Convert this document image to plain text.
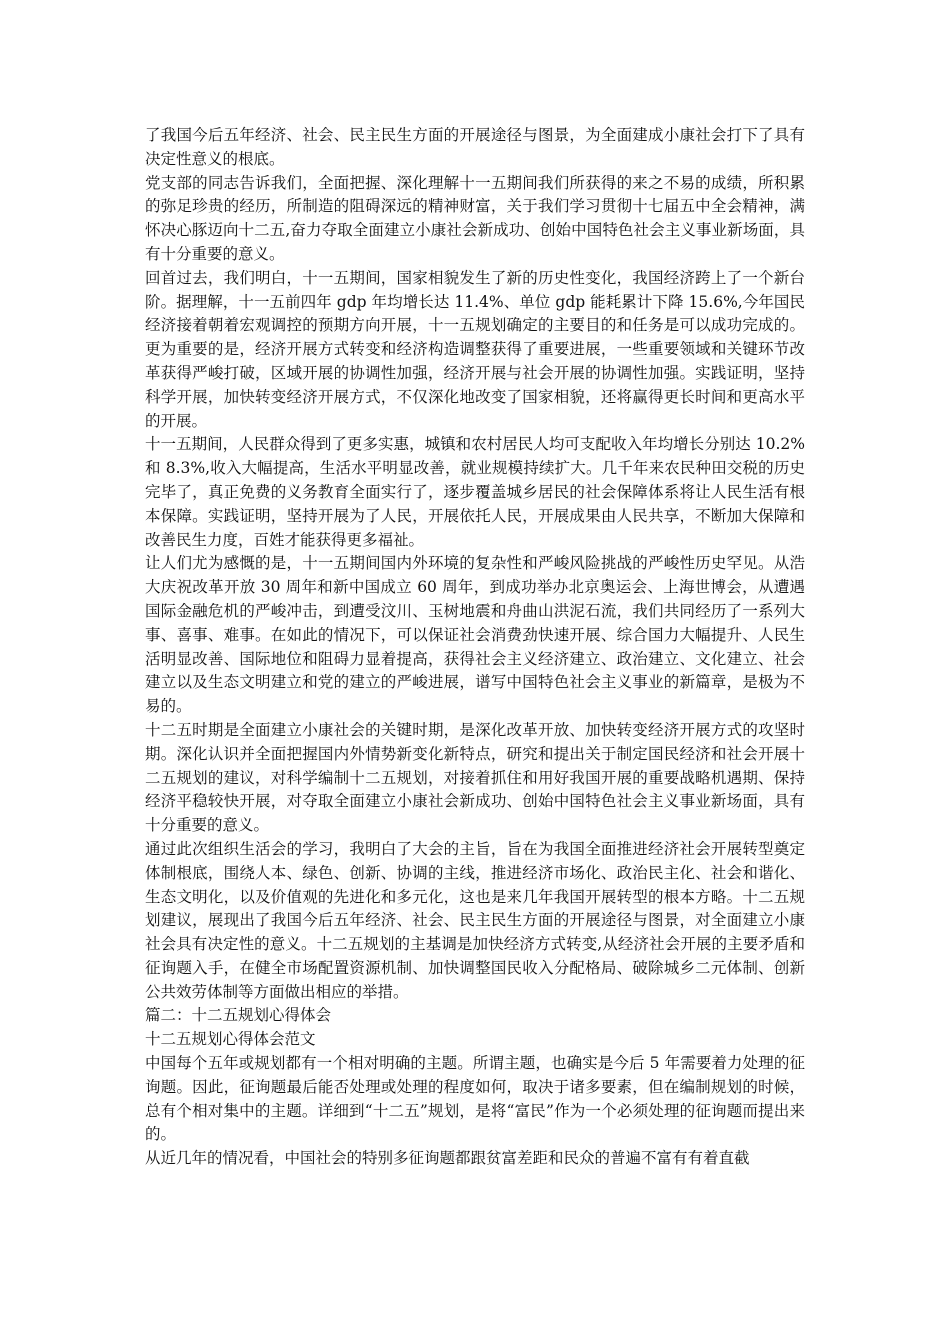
了我国今后五年经济、社会、民主民生方面的开展途径与图景，为全面建成小康社会打下了具有决定性意义的根底。

党支部的同志告诉我们，全面把握、深化理解十一五期间我们所获得的来之不易的成绩，所积累的弥足珍贵的经历，所制造的阻碍深远的精神财富，关于我们学习贯彻十七届五中全会精神，满怀决心豚迈向十二五,奋力夺取全面建立小康社会新成功、创始中国特色社会主义事业新场面，具有十分重要的意义。

回首过去，我们明白，十一五期间，国家相貌发生了新的历史性变化，我国经济跨上了一个新台阶。据理解，十一五前四年 gdp 年均增长达 11.4%、单位 gdp 能耗累计下降 15.6%,今年国民经济接着朝着宏观调控的预期方向开展，十一五规划确定的主要目的和任务是可以成功完成的。更为重要的是，经济开展方式转变和经济构造调整获得了重要进展，一些重要领域和关键环节改革获得严峻打破，区域开展的协调性加强，经济开展与社会开展的协调性加强。实践证明，坚持科学开展，加快转变经济开展方式，不仅深化地改变了国家相貌，还将赢得更长时间和更高水平的开展。

十一五期间，人民群众得到了更多实惠，城镇和农村居民人均可支配收入年均增长分别达 10.2%和 8.3%,收入大幅提高，生活水平明显改善，就业规模持续扩大。几千年来农民种田交税的历史完毕了，真正免费的义务教育全面实行了，逐步覆盖城乡居民的社会保障体系将让人民生活有根本保障。实践证明，坚持开展为了人民，开展依托人民，开展成果由人民共享，不断加大保障和改善民生力度，百姓才能获得更多福祉。

让人们尤为感慨的是，十一五期间国内外环境的复杂性和严峻风险挑战的严峻性历史罕见。从浩大庆祝改革开放 30 周年和新中国成立 60 周年，到成功举办北京奥运会、上海世博会，从遭遇国际金融危机的严峻冲击，到遭受汶川、玉树地震和舟曲山洪泥石流，我们共同经历了一系列大事、喜事、难事。在如此的情况下，可以保证社会消费劲快速开展、综合国力大幅提升、人民生活明显改善、国际地位和阻碍力显着提高，获得社会主义经济建立、政治建立、文化建立、社会建立以及生态文明建立和党的建立的严峻进展，谱写中国特色社会主义事业的新篇章，是极为不 易的。

十二五时期是全面建立小康社会的关键时期，是深化改革开放、加快转变经济开展方式的攻坚时期。深化认识并全面把握国内外情势新变化新特点，研究和提出关于制定国民经济和社会开展十二五规划的建议，对科学编制十二五规划，对接着抓住和用好我国开展的重要战略机遇期、保持经济平稳较快开展，对夺取全面建立小康社会新成功、创始中国特色社会主义事业新场面，具有十分重要的意义。

通过此次组织生活会的学习，我明白了大会的主旨，旨在为我国全面推进经济社会开展转型奠定体制根底，围绕人本、绿色、创新、协调的主线，推进经济市场化、政治民主化、社会和谐化、生态文明化，以及价值观的先进化和多元化，这也是来几年我国开展转型的根本方略。十二五规划建议，展现出了我国今后五年经济、社会、民主民生方面的开展途径与图景，对全面建立小康社会具有决定性的意义。十二五规划的主基调是加快经济方式转变,从经济社会开展的主要矛盾和征询题入手，在健全市场配置资源机制、加快调整国民收入分配格局、破除城乡二元体制、创新公共效劳体制等方面做出相应的举措。

篇二：十二五规划心得体会

十二五规划心得体会范文

中国每个五年或规划都有一个相对明确的主题。所谓主题，也确实是今后 5 年需要着力处理的征询题。因此，征询题最后能否处理或处理的程度如何，取决于诸多要素，但在编制规划的时候，总有个相对集中的主题。详细到“十二五”规划，是将“富民”作为一个必须处理的征询题而提出来的。

从近几年的情况看，中国社会的特别多征询题都跟贫富差距和民众的普遍不富有有着直截
